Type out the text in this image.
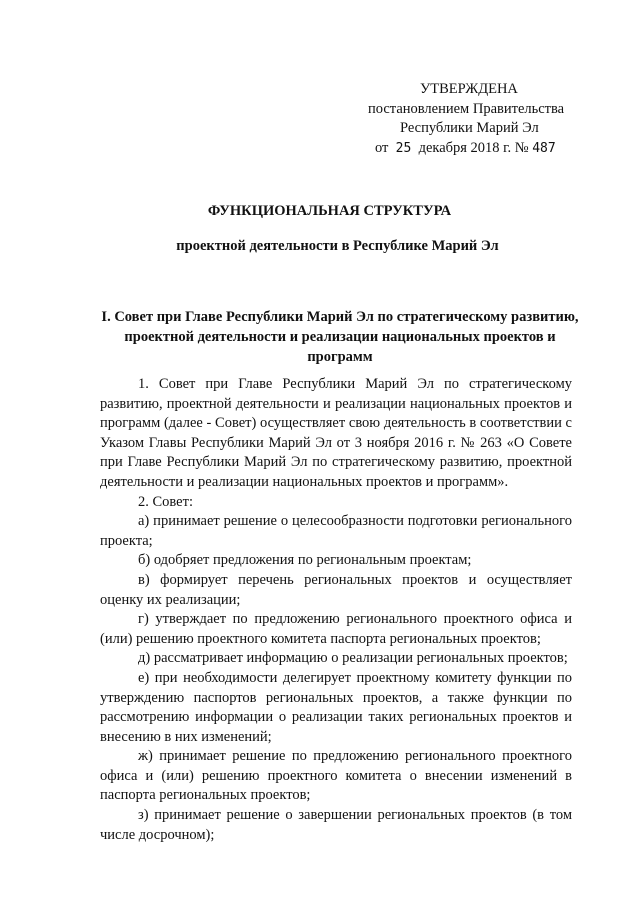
УТВЕРЖДЕНА
постановлением Правительства
Республики Марий Эл
от 25 декабря 2018 г. № 487
ФУНКЦИОНАЛЬНАЯ СТРУКТУРА
проектной деятельности в Республике Марий Эл
I. Совет при Главе Республики Марий Эл по стратегическому развитию, проектной деятельности и реализации национальных проектов и программ

1. Совет при Главе Республики Марий Эл по стратегическому развитию, проектной деятельности и реализации национальных проектов и программ (далее - Совет) осуществляет свою деятельность в соответствии с Указом Главы Республики Марий Эл от 3 ноября 2016 г. № 263 «О Совете при Главе Республики Марий Эл по стратегическому развитию, проектной деятельности и реализации национальных проектов и программ».

2. Совет:

а) принимает решение о целесообразности подготовки регионального проекта;

б) одобряет предложения по региональным проектам;

в) формирует перечень региональных проектов и осуществляет оценку их реализации;

г) утверждает по предложению регионального проектного офиса и (или) решению проектного комитета паспорта региональных проектов;

д) рассматривает информацию о реализации региональных проектов;

е) при необходимости делегирует проектному комитету функции по утверждению паспортов региональных проектов, а также функции по рассмотрению информации о реализации таких региональных проектов и внесению в них изменений;

ж) принимает решение по предложению регионального проектного офиса и (или) решению проектного комитета о внесении изменений в паспорта региональных проектов;

з) принимает решение о завершении региональных проектов (в том числе досрочном);
